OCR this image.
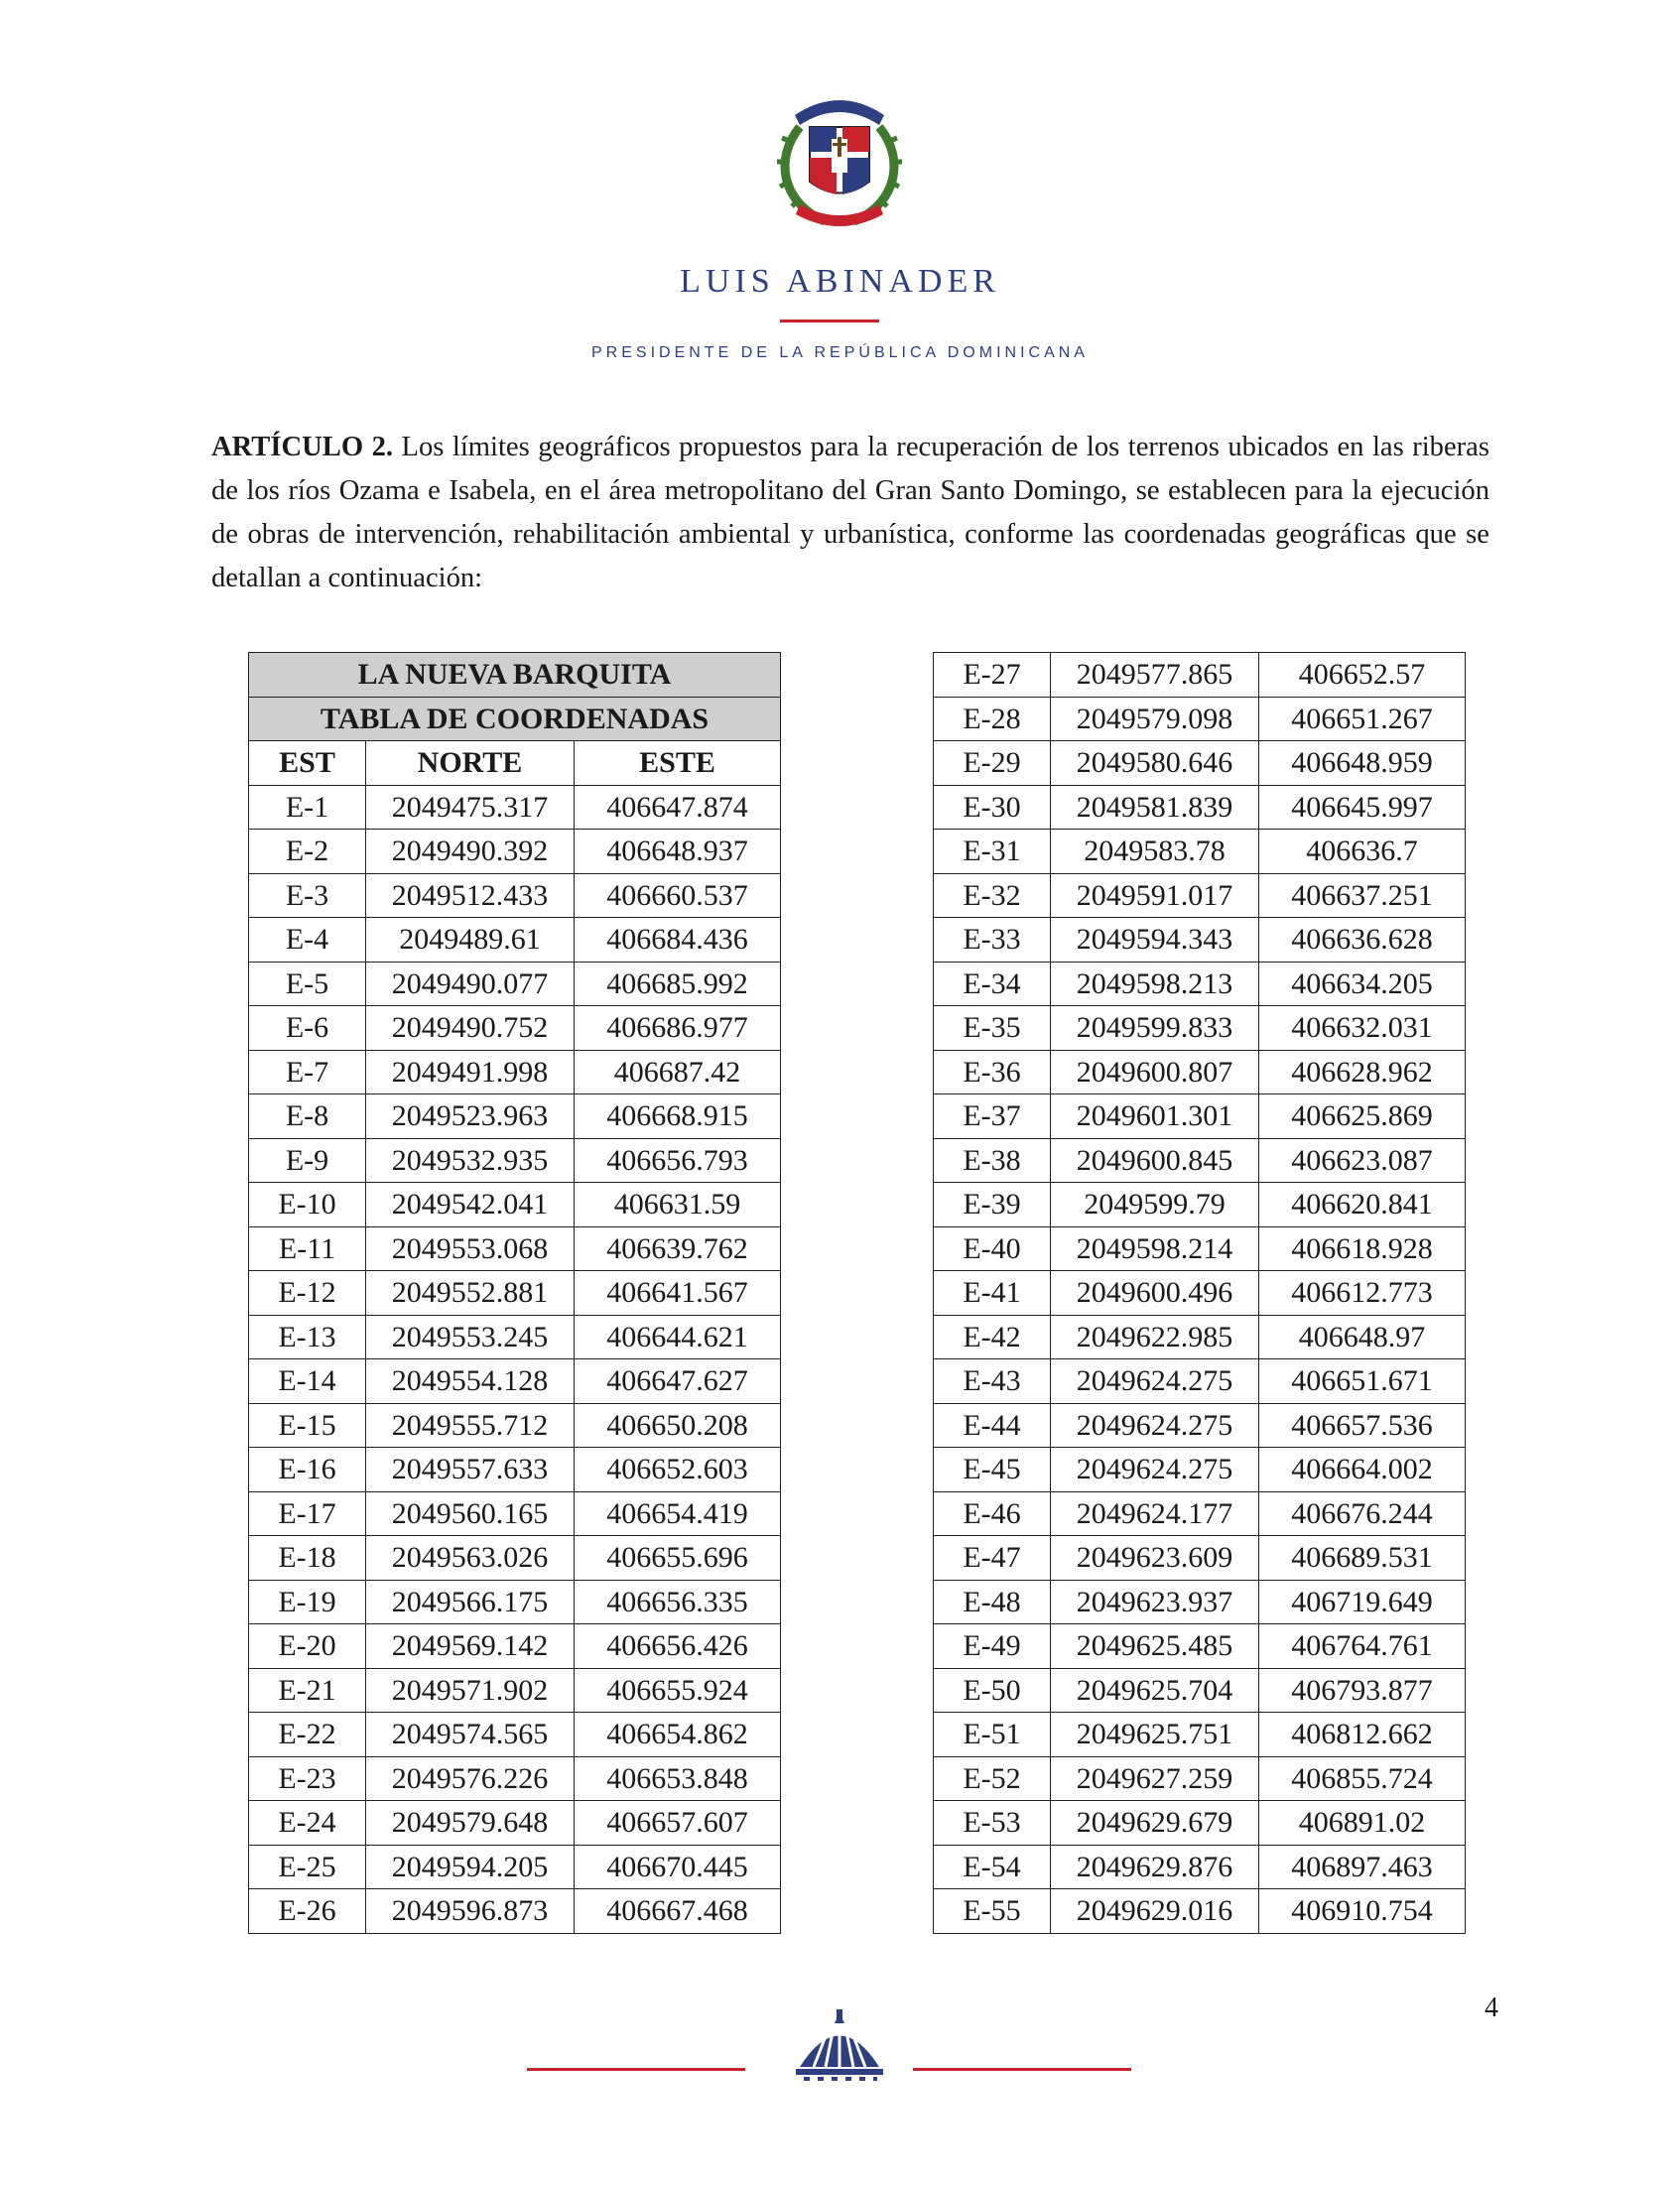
LUIS ABINADER
PRESIDENTE DE LA REPÚBLICA DOMINICANA

ARTÍCULO 2. Los límites geográficos propuestos para la recuperación de los terrenos ubicados en las riberas de los ríos Ozama e Isabela, en el área metropolitano del Gran Santo Domingo, se establecen para la ejecución de obras de intervención, rehabilitación ambiental y urbanística, conforme las coordenadas geográficas que se detallan a continuación:

LA NUEVA BARQUITA		
TABLA DE COORDENADAS		
EST	NORTE	ESTE
E-1	2049475.317	406647.874
E-2	2049490.392	406648.937
E-3	2049512.433	406660.537
E-4	2049489.61	406684.436
E-5	2049490.077	406685.992
E-6	2049490.752	406686.977
E-7	2049491.998	406687.42
E-8	2049523.963	406668.915
E-9	2049532.935	406656.793
E-10	2049542.041	406631.59
E-11	2049553.068	406639.762
E-12	2049552.881	406641.567
E-13	2049553.245	406644.621
E-14	2049554.128	406647.627
E-15	2049555.712	406650.208
E-16	2049557.633	406652.603
E-17	2049560.165	406654.419
E-18	2049563.026	406655.696
E-19	2049566.175	406656.335
E-20	2049569.142	406656.426
E-21	2049571.902	406655.924
E-22	2049574.565	406654.862
E-23	2049576.226	406653.848
E-24	2049579.648	406657.607
E-25	2049594.205	406670.445
E-26	2049596.873	406667.468
E-27	2049577.865	406652.57
E-28	2049579.098	406651.267
E-29	2049580.646	406648.959
E-30	2049581.839	406645.997
E-31	2049583.78	406636.7
E-32	2049591.017	406637.251
E-33	2049594.343	406636.628
E-34	2049598.213	406634.205
E-35	2049599.833	406632.031
E-36	2049600.807	406628.962
E-37	2049601.301	406625.869
E-38	2049600.845	406623.087
E-39	2049599.79	406620.841
E-40	2049598.214	406618.928
E-41	2049600.496	406612.773
E-42	2049622.985	406648.97
E-43	2049624.275	406651.671
E-44	2049624.275	406657.536
E-45	2049624.275	406664.002
E-46	2049624.177	406676.244
E-47	2049623.609	406689.531
E-48	2049623.937	406719.649
E-49	2049625.485	406764.761
E-50	2049625.704	406793.877
E-51	2049625.751	406812.662
E-52	2049627.259	406855.724
E-53	2049629.679	406891.02
E-54	2049629.876	406897.463
E-55	2049629.016	406910.754
4
